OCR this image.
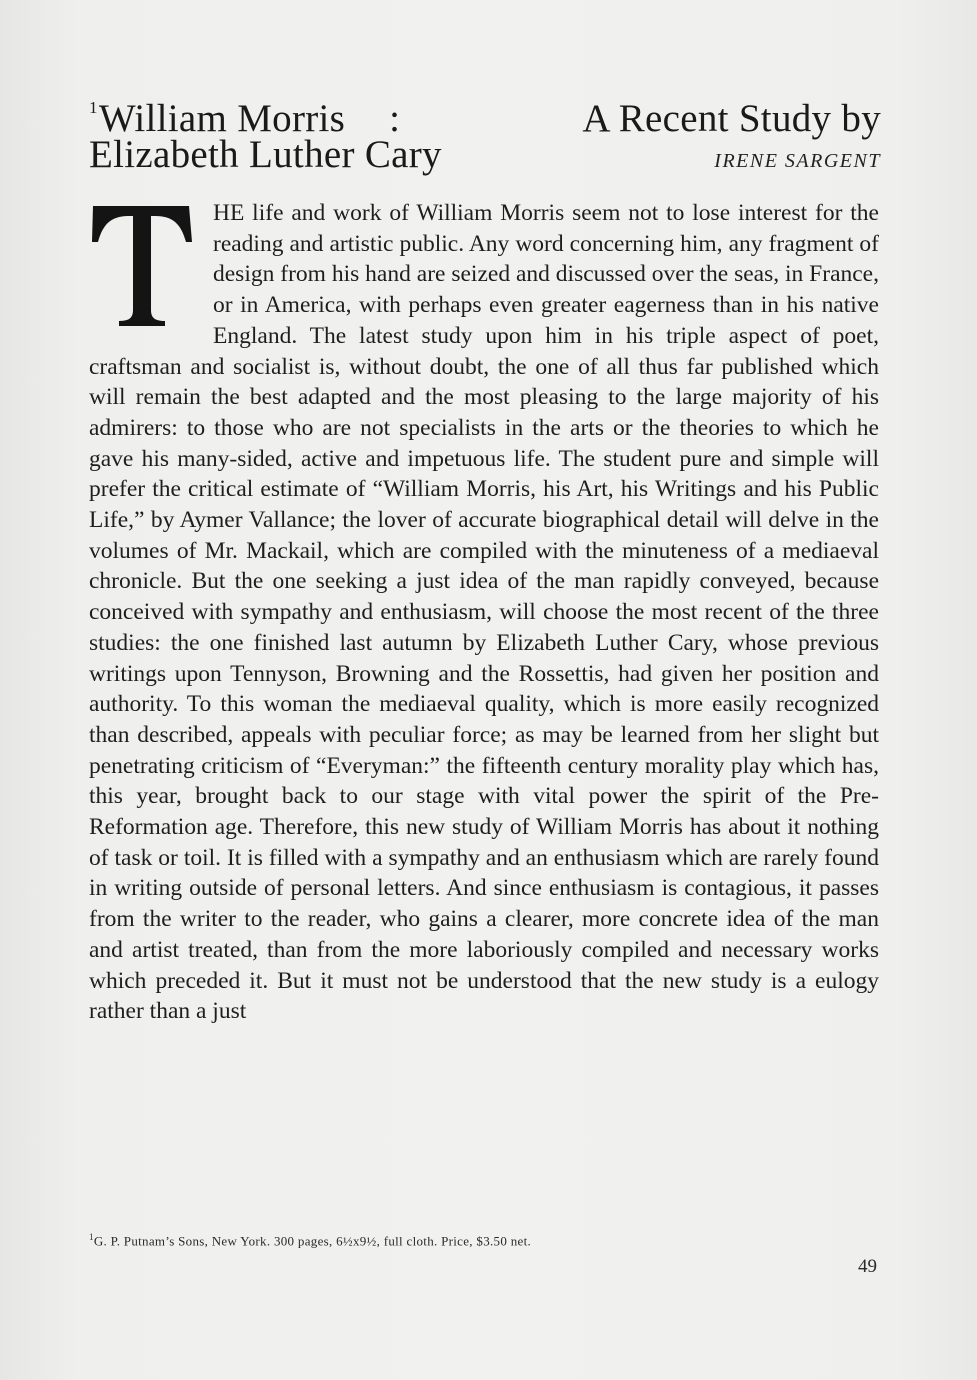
$^1$William Morris :	A Recent Study by
Elizabeth Luther Cary	IRENE SARGENT
HE life and work of William Morris seem not to lose interest for the reading and artistic public. Any word concerning him, any fragment of design from his hand are seized and discussed over the seas, in France, or in America, with perhaps even greater eagerness than in his native England. The latest study upon him in his triple aspect of poet, craftsman and socialist is, without doubt, the one of all thus far published which will remain the best adapted and the most pleasing to the large majority of his admirers: to those who are not specialists in the arts or the theories to which he gave his many-sided, active and impetuous life. The student pure and simple will prefer the critical estimate of “William Morris, his Art, his Writings and his Public Life,” by Aymer Vallance; the lover of accurate biographical detail will delve in the volumes of Mr. Mackail, which are compiled with the minuteness of a mediaeval chronicle. But the one seeking a just idea of the man rapidly conveyed, because conceived with sympathy and enthusiasm, will choose the most recent of the three studies: the one finished last autumn by Elizabeth Luther Cary, whose previous writings upon Tennyson, Browning and the Rossettis, had given her position and authority. To this woman the mediaeval quality, which is more easily recognized than described, appeals with peculiar force; as may be learned from her slight but penetrating criticism of “Everyman:” the fifteenth century morality play which has, this year, brought back to our stage with vital power the spirit of the Pre-Reformation age. Therefore, this new study of William Morris has about it nothing of task or toil. It is filled with a sympathy and an enthusiasm which are rarely found in writing outside of personal letters. And since enthusiasm is contagious, it passes from the writer to the reader, who gains a clearer, more concrete idea of the man and artist treated, than from the more laboriously compiled and necessary works which preceded it. But it must not be understood that the new study is a eulogy rather than a just
$^1$G. P. Putnam’s Sons, New York. 300 pages, 6½x9½, full cloth. Price, $3.50 net.
49
